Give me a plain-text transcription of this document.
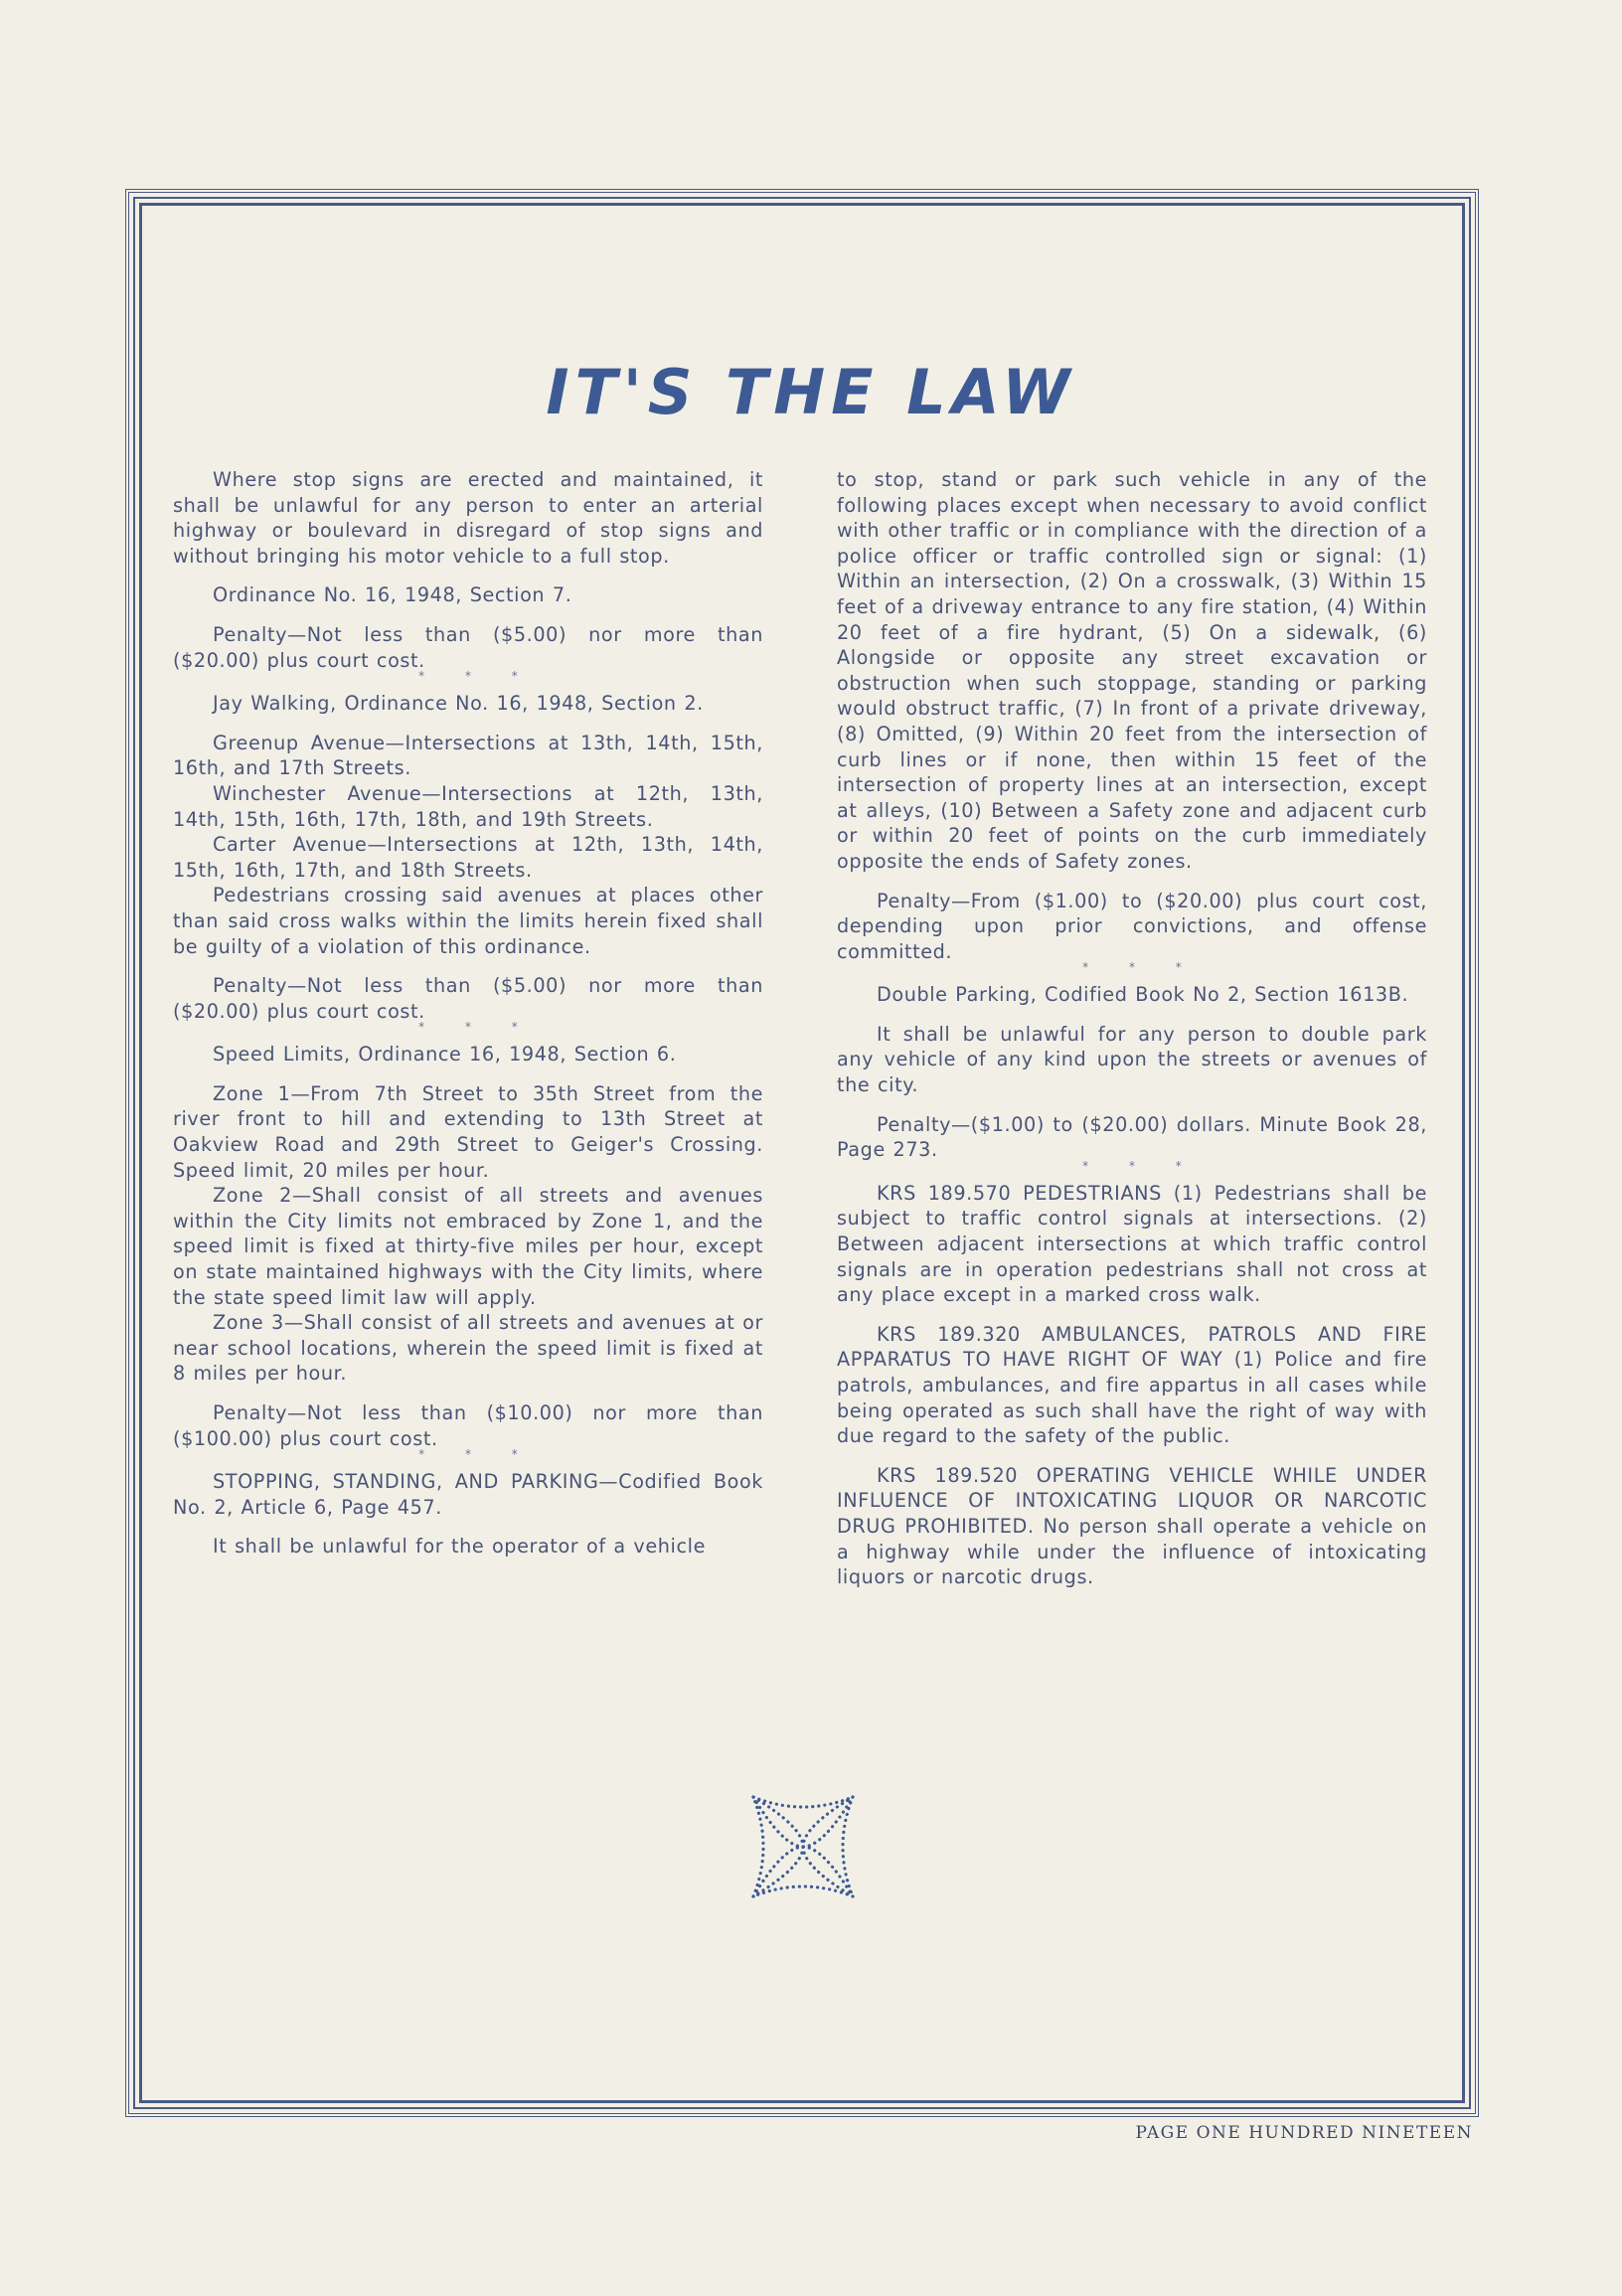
IT'S THE LAW

Where stop signs are erected and maintained, it shall be unlawful for any person to enter an arterial highway or boulevard in disregard of stop signs and without bringing his motor vehicle to a full stop.

Ordinance No. 16, 1948, Section 7.

Penalty—Not less than ($5.00) nor more than ($20.00) plus court cost.

* * *

Jay Walking, Ordinance No. 16, 1948, Section 2.

Greenup Avenue—Intersections at 13th, 14th, 15th, 16th, and 17th Streets.

Winchester Avenue—Intersections at 12th, 13th, 14th, 15th, 16th, 17th, 18th, and 19th Streets.

Carter Avenue—Intersections at 12th, 13th, 14th, 15th, 16th, 17th, and 18th Streets.

Pedestrians crossing said avenues at places other than said cross walks within the limits herein fixed shall be guilty of a violation of this ordinance.

Penalty—Not less than ($5.00) nor more than ($20.00) plus court cost.

* * *

Speed Limits, Ordinance 16, 1948, Section 6.

Zone 1—From 7th Street to 35th Street from the river front to hill and extending to 13th Street at Oakview Road and 29th Street to Geiger's Crossing. Speed limit, 20 miles per hour.

Zone 2—Shall consist of all streets and avenues within the City limits not embraced by Zone 1, and the speed limit is fixed at thirty-five miles per hour, except on state maintained highways with the City limits, where the state speed limit law will apply.

Zone 3—Shall consist of all streets and avenues at or near school locations, wherein the speed limit is fixed at 8 miles per hour.

Penalty—Not less than ($10.00) nor more than ($100.00) plus court cost.

* * *

STOPPING, STANDING, AND PARKING—Codified Book No. 2, Article 6, Page 457.

It shall be unlawful for the operator of a vehicle

to stop, stand or park such vehicle in any of the following places except when necessary to avoid conflict with other traffic or in compliance with the direction of a police officer or traffic controlled sign or signal: (1) Within an intersection, (2) On a crosswalk, (3) Within 15 feet of a driveway entrance to any fire station, (4) Within 20 feet of a fire hydrant, (5) On a sidewalk, (6) Alongside or opposite any street excavation or obstruction when such stoppage, standing or parking would obstruct traffic, (7) In front of a private driveway, (8) Omitted, (9) Within 20 feet from the intersection of curb lines or if none, then within 15 feet of the intersection of property lines at an intersection, except at alleys, (10) Between a Safety zone and adjacent curb or within 20 feet of points on the curb immediately opposite the ends of Safety zones.

Penalty—From ($1.00) to ($20.00) plus court cost, depending upon prior convictions, and offense committed.

* * *

Double Parking, Codified Book No 2, Section 1613B.

It shall be unlawful for any person to double park any vehicle of any kind upon the streets or avenues of the city.

Penalty—($1.00) to ($20.00) dollars. Minute Book 28, Page 273.

* * *

KRS 189.570 PEDESTRIANS (1) Pedestrians shall be subject to traffic control signals at intersections. (2) Between adjacent intersections at which traffic control signals are in operation pedestrians shall not cross at any place except in a marked cross walk.

KRS 189.320 AMBULANCES, PATROLS AND FIRE APPARATUS TO HAVE RIGHT OF WAY (1) Police and fire patrols, ambulances, and fire appartus in all cases while being operated as such shall have the right of way with due regard to the safety of the public.

KRS 189.520 OPERATING VEHICLE WHILE UNDER INFLUENCE OF INTOXICATING LIQUOR OR NARCOTIC DRUG PROHIBITED. No person shall operate a vehicle on a highway while under the influence of intoxicating liquors or narcotic drugs.

PAGE ONE HUNDRED NINETEEN
